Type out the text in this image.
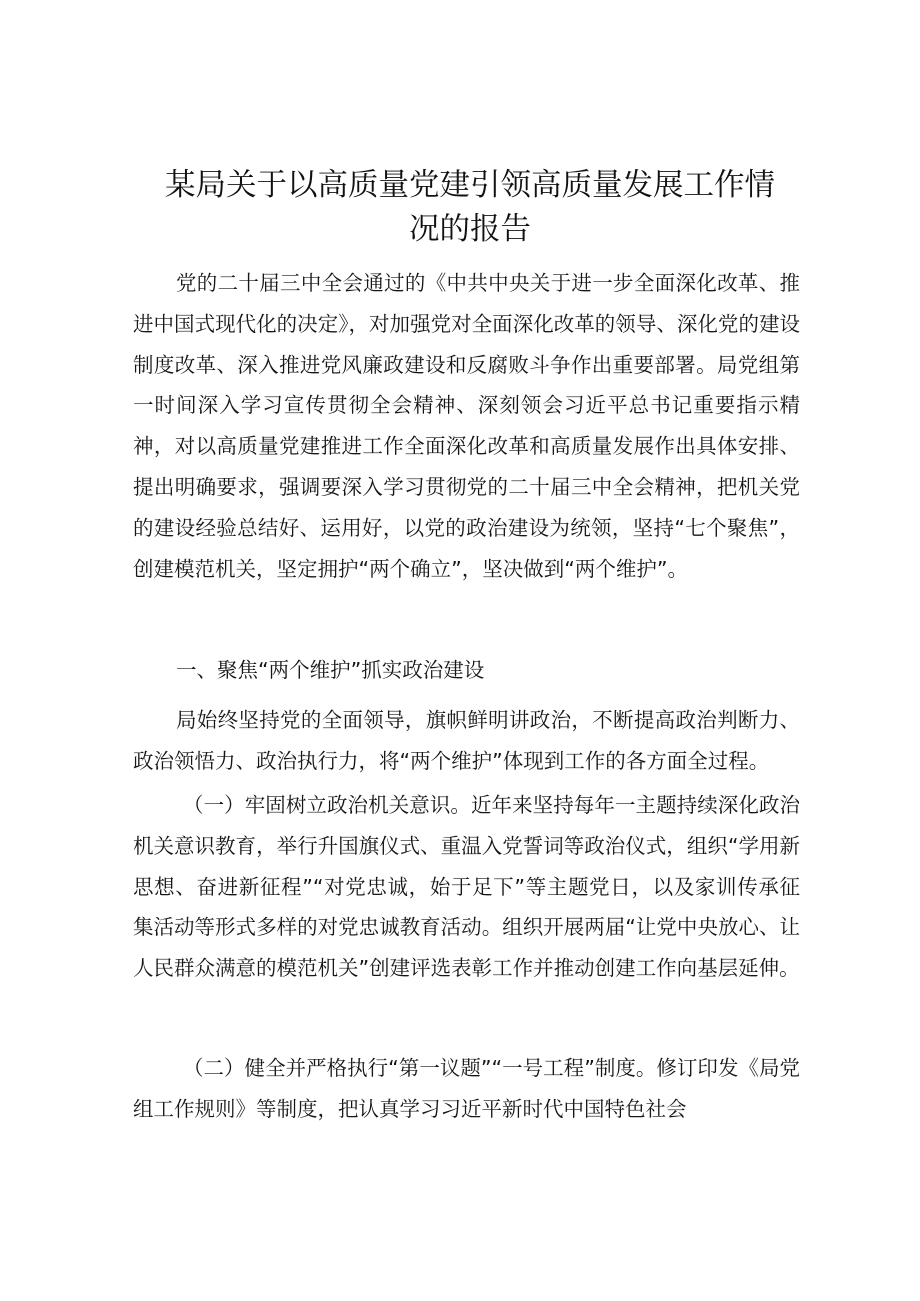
某局关于以高质量党建引领高质量发展工作情况的报告

党的二十届三中全会通过的《中共中央关于进一步全面深化改革、推进中国式现代化的决定》，对加强党对全面深化改革的领导、深化党的建设制度改革、深入推进党风廉政建设和反腐败斗争作出重要部署。局党组第一时间深入学习宣传贯彻全会精神、深刻领会习近平总书记重要指示精神，对以高质量党建推进工作全面深化改革和高质量发展作出具体安排、提出明确要求，强调要深入学习贯彻党的二十届三中全会精神，把机关党的建设经验总结好、运用好，以党的政治建设为统领，坚持“七个聚焦”，创建模范机关，坚定拥护“两个确立”，坚决做到“两个维护”。

一、聚焦“两个维护”抓实政治建设

局始终坚持党的全面领导，旗帜鲜明讲政治，不断提高政治判断力、政治领悟力、政治执行力，将“两个维护”体现到工作的各方面全过程。

（一）牢固树立政治机关意识。近年来坚持每年一主题持续深化政治机关意识教育，举行升国旗仪式、重温入党誓词等政治仪式，组织“学用新思想、奋进新征程”“对党忠诚，始于足下”等主题党日，以及家训传承征集活动等形式多样的对党忠诚教育活动。组织开展两届“让党中央放心、让人民群众满意的模范机关”创建评选表彰工作并推动创建工作向基层延伸。

（二）健全并严格执行“第一议题”“一号工程”制度。修订印发《局党组工作规则》等制度，把认真学习习近平新时代中国特色社会
